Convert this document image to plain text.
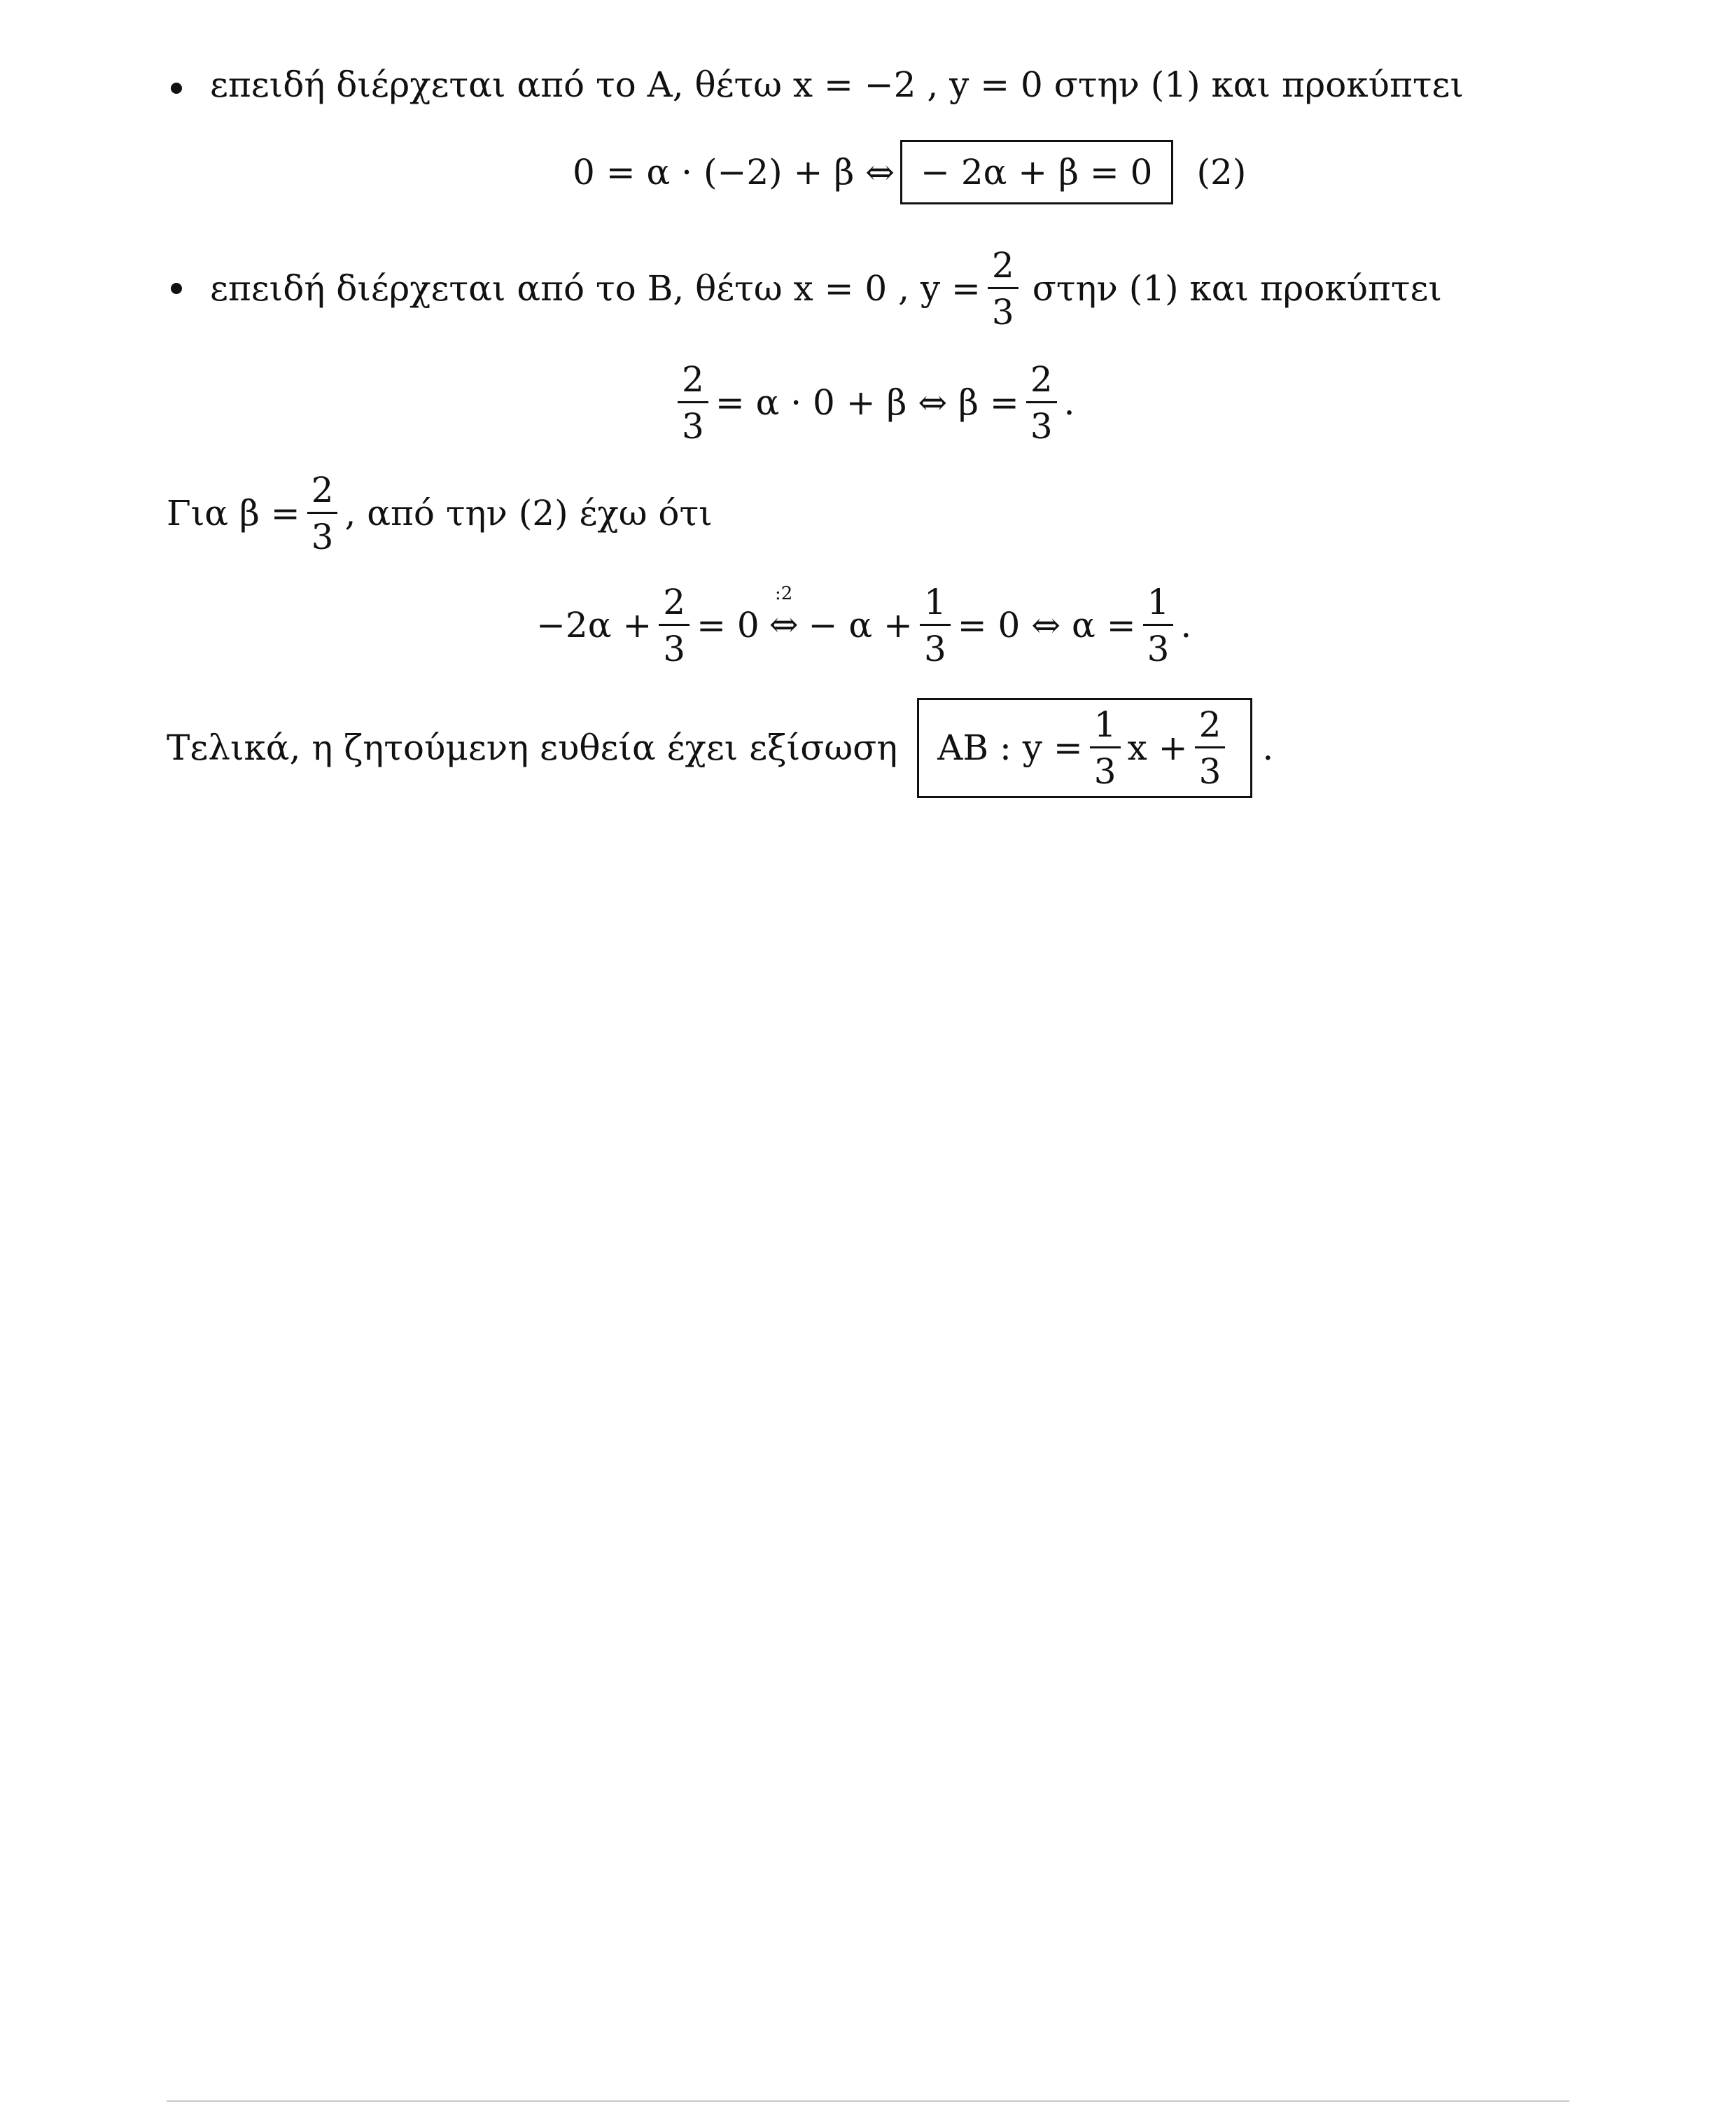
επειδή διέρχεται από το Α, θέτω x = −2 , y = 0 στην (1) και προκύπτει
0 = α · (−2) + β ⇔ − 2α + β = 0 (2)
επειδή διέρχεται από το Β, θέτω x = 0 , $y = \frac{2}{3}$ στην (1) και προκύπτει
$\frac{2}{3} = \alpha \cdot 0 + \beta$ ⇔ $\beta = \frac{2}{3}$ .
Για $\beta = \frac{2}{3}$ , από την (2) έχω ότι
$-2\alpha + \frac{2}{3} = 0$
:2
⇔ − $\alpha + \frac{1}{3} = 0$ ⇔ $\alpha = \frac{1}{3}$ .
Τελικά, η ζητούμενη ευθεία έχει εξίσωση AB : $y = \frac{1}{3}$ $x + \frac{2}{3}$ .
